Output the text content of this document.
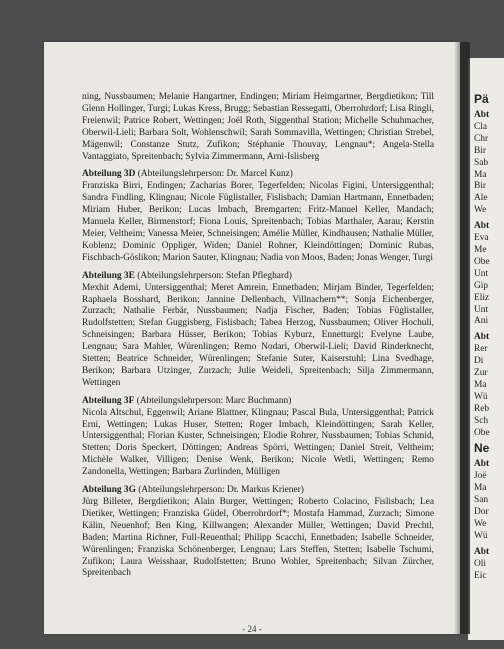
ning, Nussbaumen; Melanie Hangartner, Endingen; Miriam Heimgartner, Bergdietikon; Till Glenn Hollinger, Turgi; Lukas Kress, Brugg; Sebastian Ressegatti, Oberrohrdorf; Lisa Ringli, Freienwil; Patrice Robert, Wettingen; Joël Roth, Siggenthal Station; Michelle Schuhmacher, Oberwil-Lieli; Barbara Solt, Wohlenschwil; Sarah Sommavilla, Wettingen; Christian Strebel, Mägenwil; Constanze Stutz, Zufikon; Stéphanie Thouvay, Lengnau*; Angela-Stella Vantaggiato, Spreitenbach; Sylvia Zimmermann, Arni-Islisberg
Abteilung 3D (Abteilungslehrperson: Dr. Marcel Kunz)
Franziska Birri, Endingen; Zacharias Borer, Tegerfelden; Nicolas Figini, Untersiggenthal; Sandra Findling, Klingnau; Nicole Füglistaller, Fislisbach; Damian Hartmann, Ennetbaden; Miriam Huber, Berikon; Lucas Imbach, Bremgarten; Fritz-Manuel Keller, Mandach; Manuela Keller, Birmenstorf; Fiona Louis, Spreitenbach; Tobias Marthaler, Aarau; Kerstin Meier, Veltheim; Vanessa Meier, Schneisingen; Amélie Müller, Kindhausen; Nathalie Müller, Koblenz; Dominic Oppliger, Widen; Daniel Rohner, Kleindöttingen; Dominic Rubas, Fischbach-Göslikon; Marion Sauter, Klingnau; Nadia von Moos, Baden; Jonas Wenger, Turgi
Abteilung 3E (Abteilungslehrperson: Stefan Pfleghard)
Mexhit Ademi, Untersiggenthal; Meret Amrein, Ennetbaden; Mirjam Binder, Tegerfelden; Raphaela Bosshard, Berikon; Jannine Dellenbach, Villnachern**; Sonja Eichenberger, Zurzach; Nathalie Ferbär, Nussbaumen; Nadja Fischer, Baden; Tobias Füglistaller, Rudolfstetten; Stefan Guggisberg, Fislisbach; Tabea Herzog, Nussbaumen; Oliver Hochuli, Schneisingen; Barbara Hüsser, Berikon; Tobias Kyburz, Ennetturgi; Evelyne Laube, Lengnau; Sara Mahler, Würenlingen; Remo Nodari, Oberwil-Lieli; David Rinderknecht, Stetten; Beatrice Schneider, Würenlingen; Stefanie Suter, Kaiserstuhl; Lina Svedhage, Berikon; Barbara Utzinger, Zurzach; Julie Weideli, Spreitenbach; Silja Zimmermann, Wettingen
Abteilung 3F (Abteilungslehrperson: Marc Buchmann)
Nicola Altschul, Eggenwil; Ariane Blattner, Klingnau; Pascal Bula, Untersiggenthal; Patrick Erni, Wettingen; Lukas Huser, Stetten; Roger Imbach, Kleindöttingen; Sarah Keller, Untersiggenthal; Florian Kuster, Schneisingen; Elodie Rohrer, Nussbaumen; Tobias Schmid, Stetten; Doris Speckert, Döttingen; Andreas Spörri, Wettingen; Daniel Streit, Veltheim; Michèle Walker, Villigen; Denise Wenk, Berikon; Nicole Wetli, Wettingen; Remo Zandonella, Wettingen; Barbara Zurlinden, Mülligen
Abteilung 3G (Abteilungslehrperson: Dr. Markus Kriener)
Jürg Billeter, Bergdietikon; Alain Burger, Wettingen; Roberto Colacino, Fislisbach; Lea Dietiker, Wettingen; Franziska Güdel, Oberrohrdorf*; Mostafa Hammad, Zurzach; Simone Kälin, Neuenhof; Ben King, Killwangen; Alexander Müller, Wettingen; David Prechtl, Baden; Martina Richner, Full-Reuenthal; Philipp Scacchi, Ennetbaden; Isabelle Schneider, Würenlingen; Franziska Schönenberger, Lengnau; Lars Steffen, Stetten; Isabelle Tschumi, Zufikon; Laura Weisshaar, Rudolfstetten; Bruno Wohler, Spreitenbach; Silvan Zürcher, Spreitenbach
- 24 -
Pä
Abt
Cla
Chr
Bir
Sab
Ma
Bir
Ale
We
Abt
Eva
Me
Obe
Unt
Gip
Eliz
Unt
Ani
Abt
Rer
Di
Zur
Ma
Wü
Reb
Sch
Obe
Ne
Abt
Joë
Ma
San
Dor
We
Wü
Abt
Oli
Eic
